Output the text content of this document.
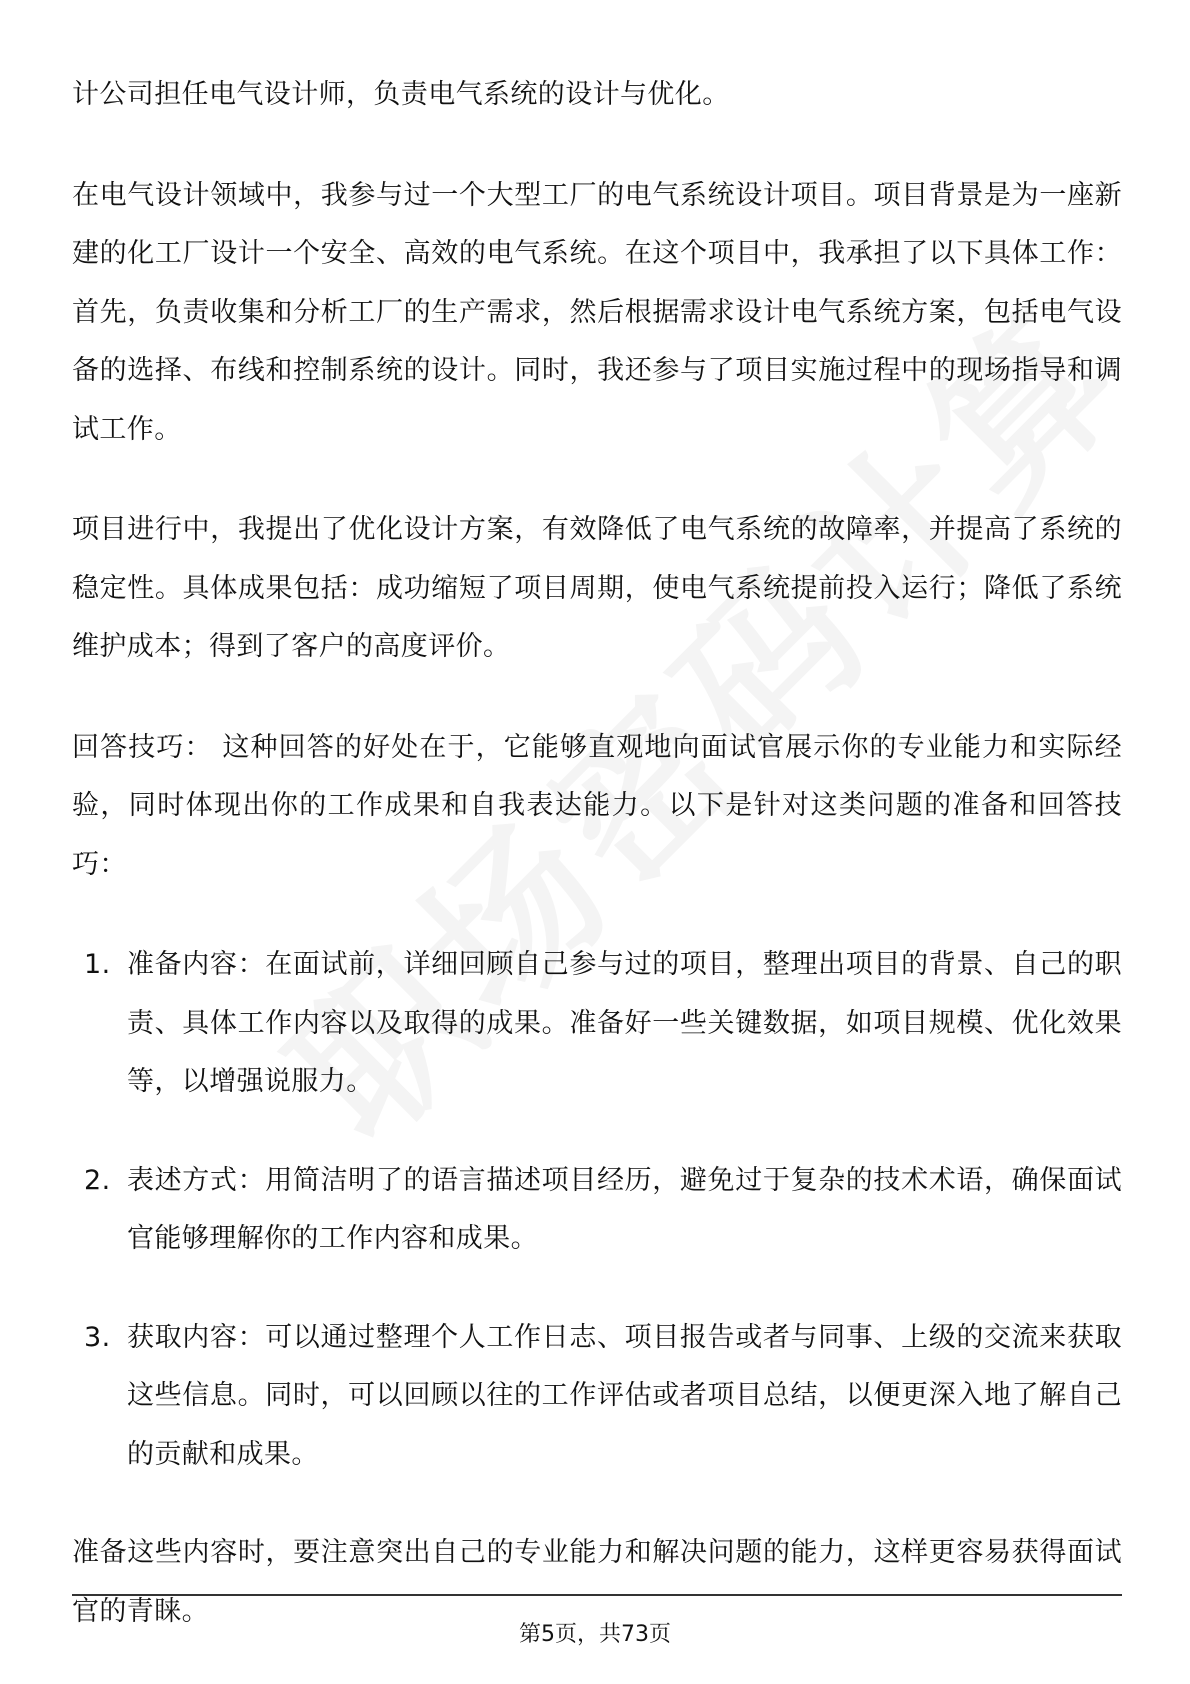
计公司担任电气设计师，负责电气系统的设计与优化。

在电气设计领域中，我参与过一个大型工厂的电气系统设计项目。项目背景是为一座新建的化工厂设计一个安全、高效的电气系统。在这个项目中，我承担了以下具体工作：首先，负责收集和分析工厂的生产需求，然后根据需求设计电气系统方案，包括电气设备的选择、布线和控制系统的设计。同时，我还参与了项目实施过程中的现场指导和调试工作。

项目进行中，我提出了优化设计方案，有效降低了电气系统的故障率，并提高了系统的稳定性。具体成果包括：成功缩短了项目周期，使电气系统提前投入运行；降低了系统维护成本；得到了客户的高度评价。

回答技巧： 这种回答的好处在于，它能够直观地向面试官展示你的专业能力和实际经验，同时体现出你的工作成果和自我表达能力。以下是针对这类问题的准备和回答技巧：

1. 准备内容：在面试前，详细回顾自己参与过的项目，整理出项目的背景、自己的职责、具体工作内容以及取得的成果。准备好一些关键数据，如项目规模、优化效果等，以增强说服力。
2. 表述方式：用简洁明了的语言描述项目经历，避免过于复杂的技术术语，确保面试官能够理解你的工作内容和成果。
3. 获取内容：可以通过整理个人工作日志、项目报告或者与同事、上级的交流来获取这些信息。同时，可以回顾以往的工作评估或者项目总结，以便更深入地了解自己的贡献和成果。

准备这些内容时，要注意突出自己的专业能力和解决问题的能力，这样更容易获得面试官的青睐。

第5页，共73页
